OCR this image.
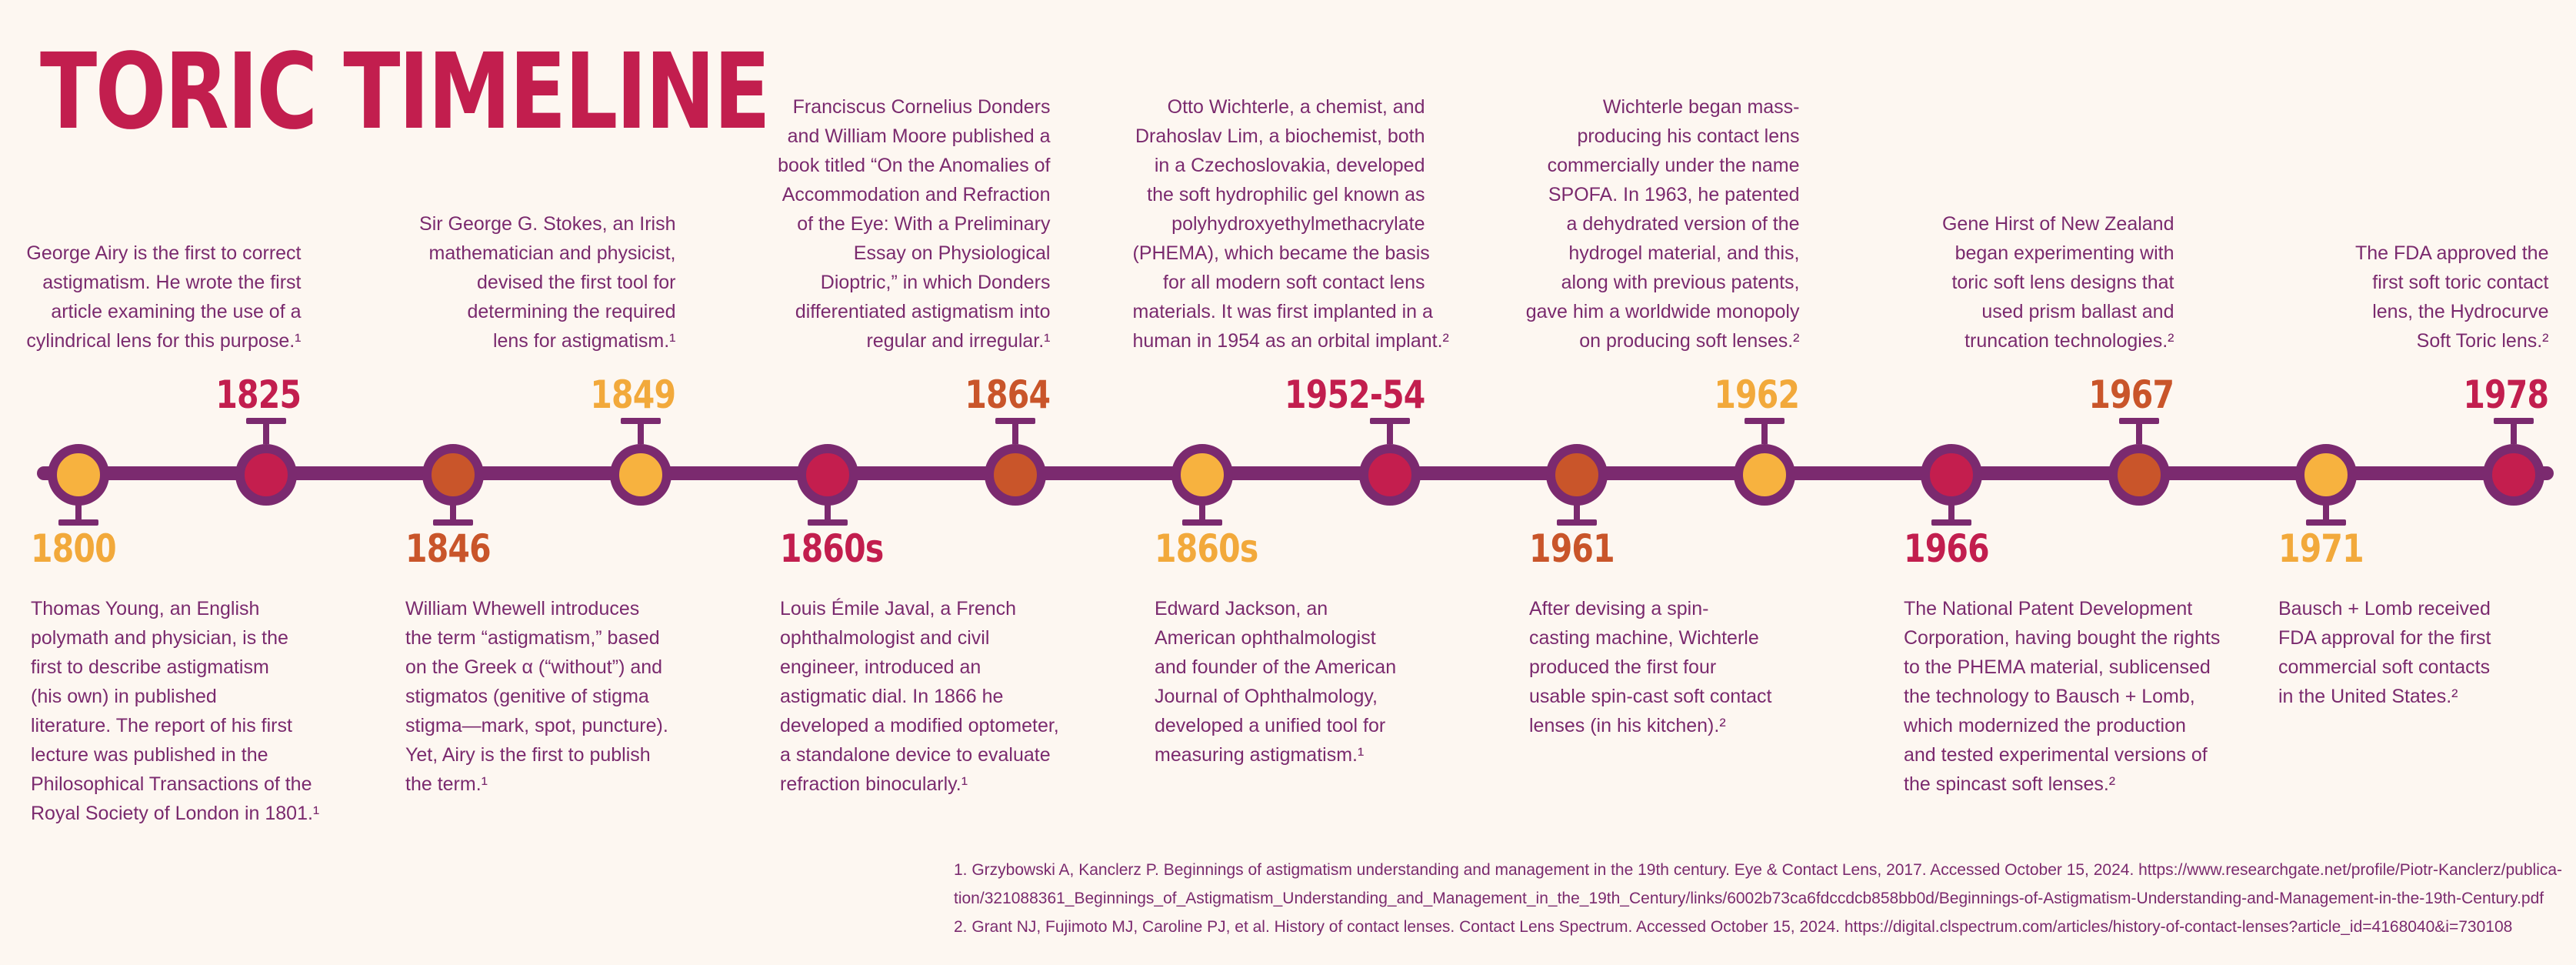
TORIC TIMELINE
1800
Thomas Young, an English
polymath and physician, is the
first to describe astigmatism
(his own) in published
literature. The report of his first
lecture was published in the
Philosophical Transactions of the
Royal Society of London in 1801.¹
1825
George Airy is the first to correct
astigmatism. He wrote the first
article examining the use of a
cylindrical lens for this purpose.¹
1846
William Whewell introduces
the term “astigmatism,” based
on the Greek α (“without”) and
stigmatos (genitive of stigma
stigma—mark, spot, puncture).
Yet, Airy is the first to publish
the term.¹
1849
Sir George G. Stokes, an Irish
mathematician and physicist,
devised the first tool for
determining the required
lens for astigmatism.¹
1860s
Louis Émile Javal, a French
ophthalmologist and civil
engineer, introduced an
astigmatic dial. In 1866 he
developed a modified optometer,
a standalone device to evaluate
refraction binocularly.¹
1864
Franciscus Cornelius Donders
and William Moore published a
book titled “On the Anomalies of
Accommodation and Refraction
of the Eye: With a Preliminary
Essay on Physiological
Dioptric,” in which Donders
differentiated astigmatism into
regular and irregular.¹
1860s
Edward Jackson, an
American ophthalmologist
and founder of the American
Journal of Ophthalmology,
developed a unified tool for
measuring astigmatism.¹
1952-54
Otto Wichterle, a chemist, and
Drahoslav Lim, a biochemist, both
in a Czechoslovakia, developed
the soft hydrophilic gel known as
polyhydroxyethylmethacrylate
(PHEMA), which became the basis
for all modern soft contact lens
materials. It was first implanted in a
human in 1954 as an orbital implant.²
1961
After devising a spin-
casting machine, Wichterle
produced the first four
usable spin-cast soft contact
lenses (in his kitchen).²
1962
Wichterle began mass-
producing his contact lens
commercially under the name
SPOFA. In 1963, he patented
a dehydrated version of the
hydrogel material, and this,
along with previous patents,
gave him a worldwide monopoly
on producing soft lenses.²
1966
The National Patent Development
Corporation, having bought the rights
to the PHEMA material, sublicensed
the technology to Bausch + Lomb,
which modernized the production
and tested experimental versions of
the spincast soft lenses.²
1967
Gene Hirst of New Zealand
began experimenting with
toric soft lens designs that
used prism ballast and
truncation technologies.²
1971
Bausch + Lomb received
FDA approval for the first
commercial soft contacts
in the United States.²
1978
The FDA approved the
first soft toric contact
lens, the Hydrocurve
Soft Toric lens.²
1. Grzybowski A, Kanclerz P. Beginnings of astigmatism understanding and management in the 19th century. Eye & Contact Lens, 2017. Accessed October 15, 2024. https://www.researchgate.net/profile/Piotr-Kanclerz/publica-
tion/321088361_Beginnings_of_Astigmatism_Understanding_and_Management_in_the_19th_Century/links/6002b73ca6fdccdcb858bb0d/Beginnings-of-Astigmatism-Understanding-and-Management-in-the-19th-Century.pdf
2. Grant NJ, Fujimoto MJ, Caroline PJ, et al. History of contact lenses. Contact Lens Spectrum. Accessed October 15, 2024. https://digital.clspectrum.com/articles/history-of-contact-lenses?article_id=4168040&i=730108
